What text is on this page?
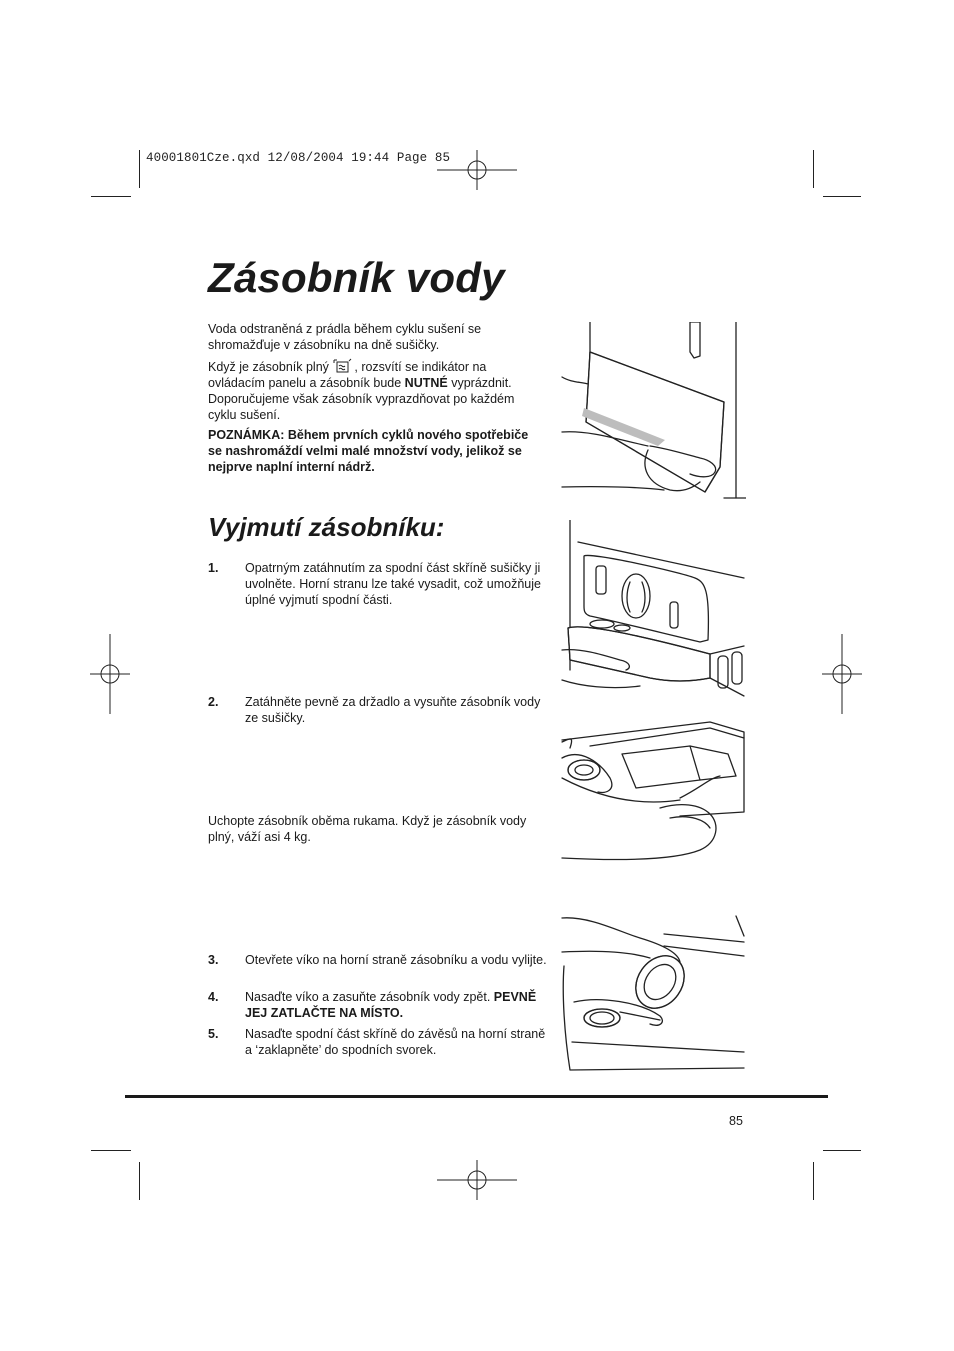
40001801Cze.qxd 12/08/2004 19:44 Page 85
Zásobník vody

Voda odstraněná z prádla během cyklu sušení se shromažďuje v zásobníku na dně sušičky.

Když je zásobník plný , rozsvítí se indikátor na ovládacím panelu a zásobník bude NUTNÉ vyprázdnit. Doporučujeme však zásobník vyprazdňovat po každém cyklu sušení.

POZNÁMKA: Během prvních cyklů nového spotřebiče se nashromáždí velmi malé množství vody, jelikož se nejprve naplní interní nádrž.

Vyjmutí zásobníku:
1. Opatrným zatáhnutím za spodní část skříně sušičky ji uvolněte. Horní stranu lze také vysadit, což umožňuje úplné vyjmutí spodní části.
2. Zatáhněte pevně za držadlo a vysuňte zásobník vody ze sušičky.

Uchopte zásobník oběma rukama. Když je zásobník vody plný, váží asi 4 kg.

3. Otevřete víko na horní straně zásobníku a vodu vylijte.
4. Nasaďte víko a zasuňte zásobník vody zpět. PEVNĚ JEJ ZATLAČTE NA MÍSTO.
5. Nasaďte spodní část skříně do závěsů na horní straně a ‘zaklapněte’ do spodních svorek.
85
